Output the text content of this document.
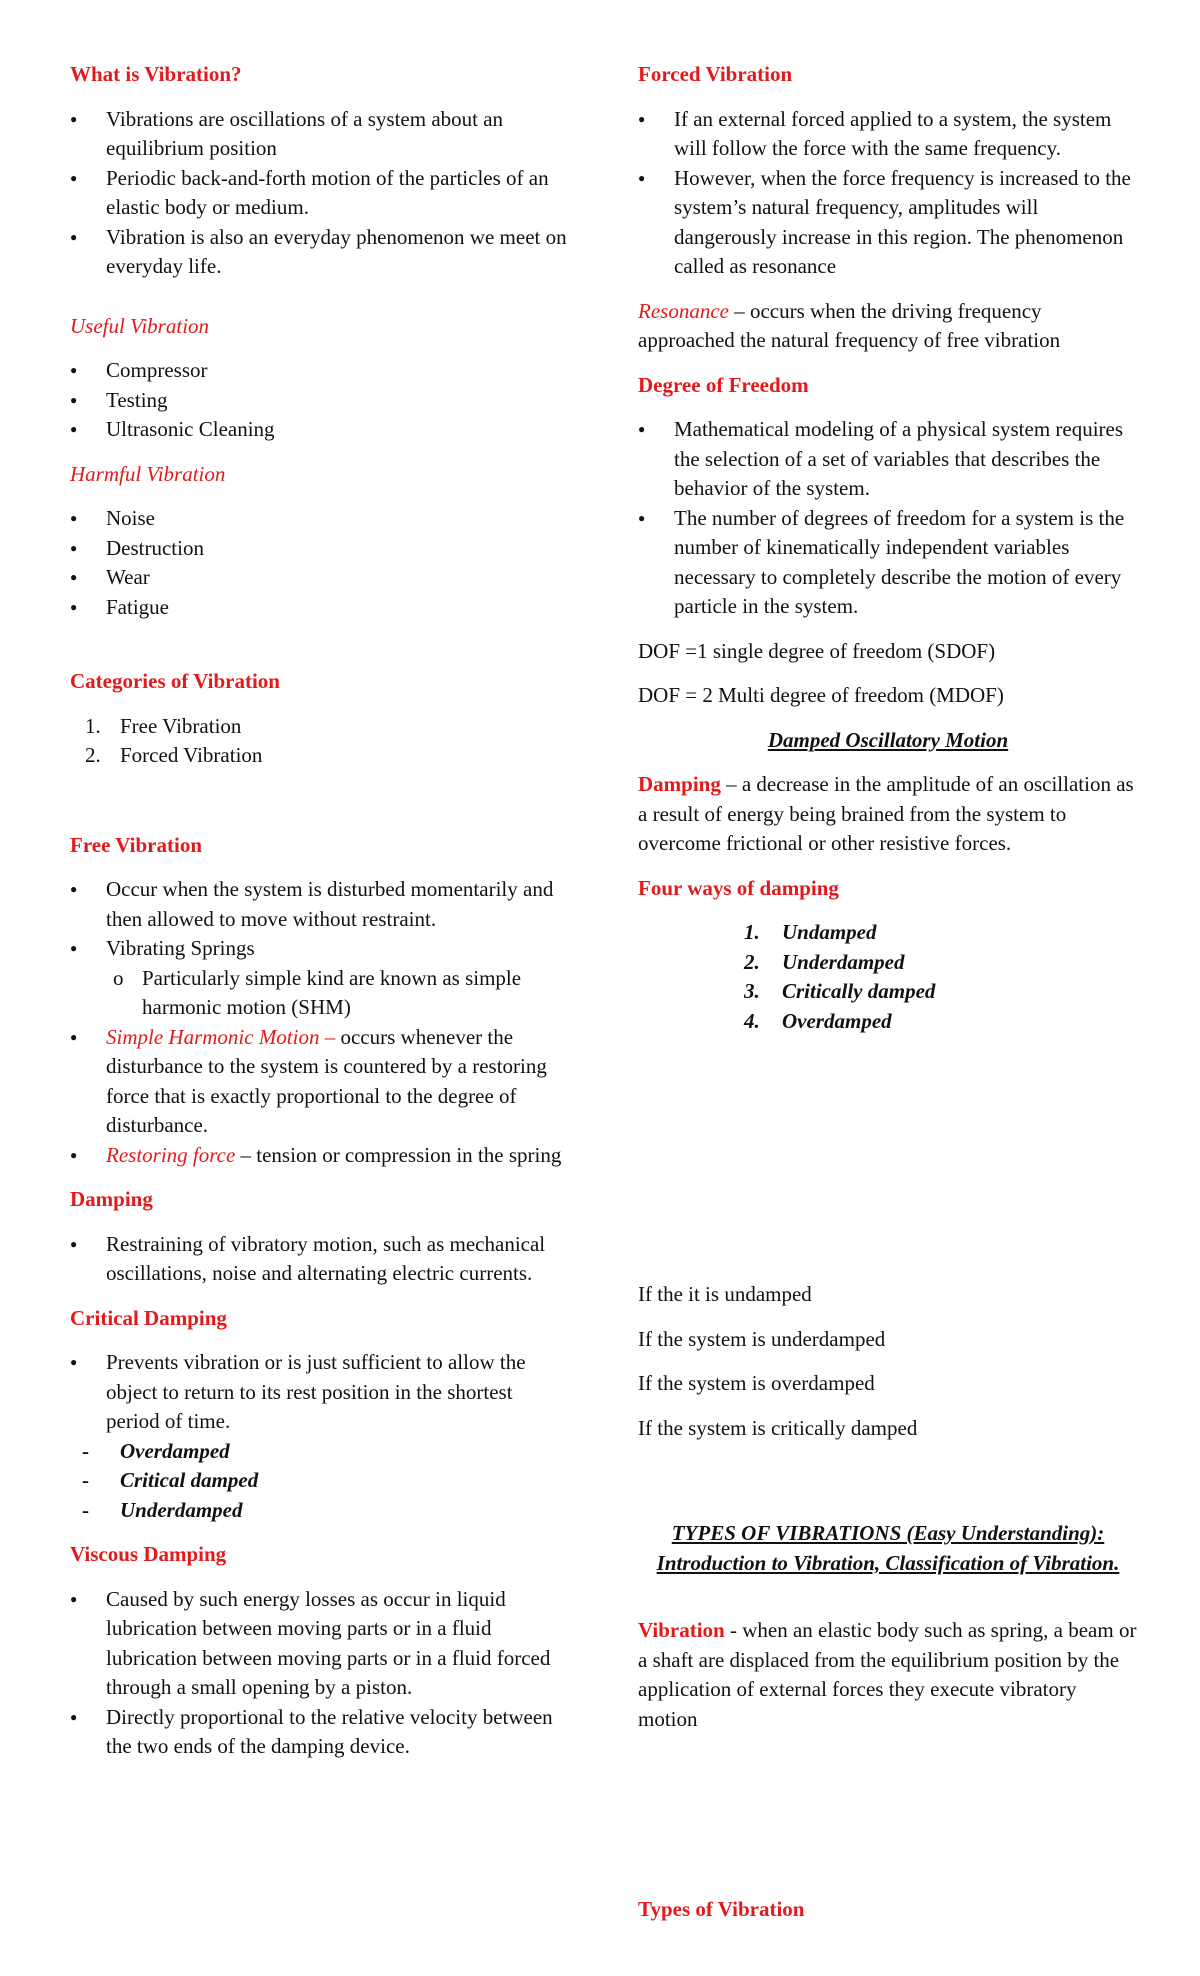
What is Vibration?

● Vibrations are oscillations of a system about an equilibrium position
● Periodic back-and-forth motion of the particles of an elastic body or medium.
● Vibration is also an everyday phenomenon we meet on everyday life.

Useful Vibration

● Compressor
● Testing
● Ultrasonic Cleaning

Harmful Vibration

● Noise
● Destruction
● Wear
● Fatigue

Categories of Vibration

1. Free Vibration
2. Forced Vibration

Free Vibration

● Occur when the system is disturbed momentarily and then allowed to move without restraint.
● Vibrating Springs
o Particularly simple kind are known as simple harmonic motion (SHM)
● Simple Harmonic Motion – occurs whenever the disturbance to the system is countered by a restoring force that is exactly proportional to the degree of disturbance.
● Restoring force – tension or compression in the spring

Damping

● Restraining of vibratory motion, such as mechanical oscillations, noise and alternating electric currents.

Critical Damping

● Prevents vibration or is just sufficient to allow the object to return to its rest position in the shortest period of time.
- Overdamped
- Critical damped
- Underdamped

Viscous Damping

● Caused by such energy losses as occur in liquid lubrication between moving parts or in a fluid lubrication between moving parts or in a fluid forced through a small opening by a piston.
● Directly proportional to the relative velocity between the two ends of the damping device.

Forced Vibration

● If an external forced applied to a system, the system will follow the force with the same frequency.
● However, when the force frequency is increased to the system’s natural frequency, amplitudes will dangerously increase in this region. The phenomenon called as resonance

Resonance – occurs when the driving frequency approached the natural frequency of free vibration

Degree of Freedom

● Mathematical modeling of a physical system requires the selection of a set of variables that describes the behavior of the system.
● The number of degrees of freedom for a system is the number of kinematically independent variables necessary to completely describe the motion of every particle in the system.

DOF =1 single degree of freedom (SDOF)

DOF = 2 Multi degree of freedom (MDOF)

Damped Oscillatory Motion

Damping – a decrease in the amplitude of an oscillation as a result of energy being brained from the system to overcome frictional or other resistive forces.

Four ways of damping

1. Undamped
2. Underdamped
3. Critically damped
4. Overdamped

If the it is undamped

If the system is underdamped

If the system is overdamped

If the system is critically damped

TYPES OF VIBRATIONS (Easy Understanding): Introduction to Vibration, Classification of Vibration.

Vibration - when an elastic body such as spring, a beam or a shaft are displaced from the equilibrium position by the application of external forces they execute vibratory motion

Types of Vibration
